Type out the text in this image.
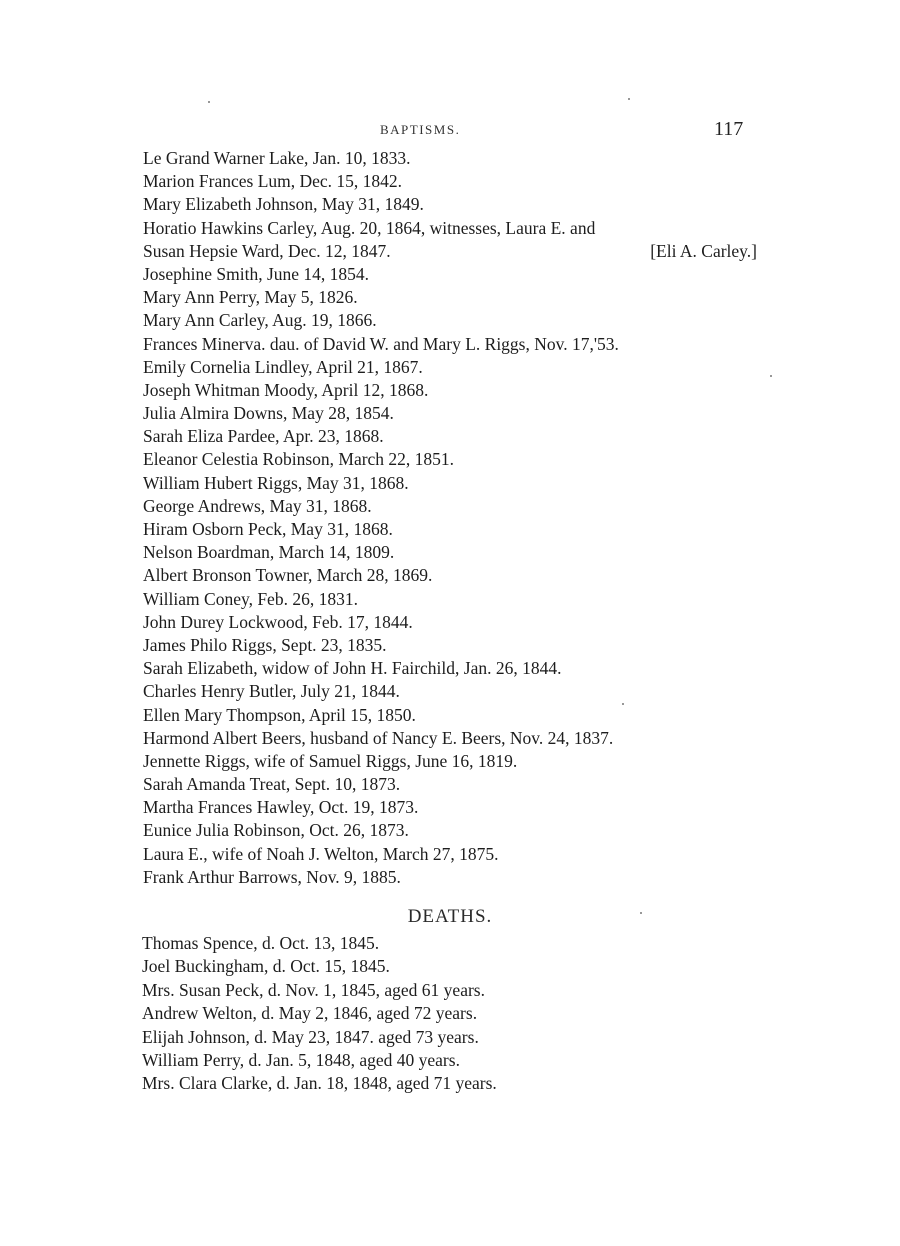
BAPTISMS.	117
Le Grand Warner Lake, Jan. 10, 1833.
Marion Frances Lum, Dec. 15, 1842.
Mary Elizabeth Johnson, May 31, 1849.
Horatio Hawkins Carley, Aug. 20, 1864, witnesses, Laura E. and
Susan Hepsie Ward, Dec. 12, 1847.	[Eli A. Carley.]
Josephine Smith, June 14, 1854.
Mary Ann Perry, May 5, 1826.
Mary Ann Carley, Aug. 19, 1866.
Frances Minerva. dau. of David W. and Mary L. Riggs, Nov. 17,'53.
Emily Cornelia Lindley, April 21, 1867.
Joseph Whitman Moody, April 12, 1868.
Julia Almira Downs, May 28, 1854.
Sarah Eliza Pardee, Apr. 23, 1868.
Eleanor Celestia Robinson, March 22, 1851.
William Hubert Riggs, May 31, 1868.
George Andrews, May 31, 1868.
Hiram Osborn Peck, May 31, 1868.
Nelson Boardman, March 14, 1809.
Albert Bronson Towner, March 28, 1869.
William Coney, Feb. 26, 1831.
John Durey Lockwood, Feb. 17, 1844.
James Philo Riggs, Sept. 23, 1835.
Sarah Elizabeth, widow of John H. Fairchild, Jan. 26, 1844.
Charles Henry Butler, July 21, 1844.
Ellen Mary Thompson, April 15, 1850.
Harmond Albert Beers, husband of Nancy E. Beers, Nov. 24, 1837.
Jennette Riggs, wife of Samuel Riggs, June 16, 1819.
Sarah Amanda Treat, Sept. 10, 1873.
Martha Frances Hawley, Oct. 19, 1873.
Eunice Julia Robinson, Oct. 26, 1873.
Laura E., wife of Noah J. Welton, March 27, 1875.
Frank Arthur Barrows, Nov. 9, 1885.
DEATHS.
Thomas Spence, d. Oct. 13, 1845.
Joel Buckingham, d. Oct. 15, 1845.
Mrs. Susan Peck, d. Nov. 1, 1845, aged 61 years.
Andrew Welton, d. May 2, 1846, aged 72 years.
Elijah Johnson, d. May 23, 1847. aged 73 years.
William Perry, d. Jan. 5, 1848, aged 40 years.
Mrs. Clara Clarke, d. Jan. 18, 1848, aged 71 years.
